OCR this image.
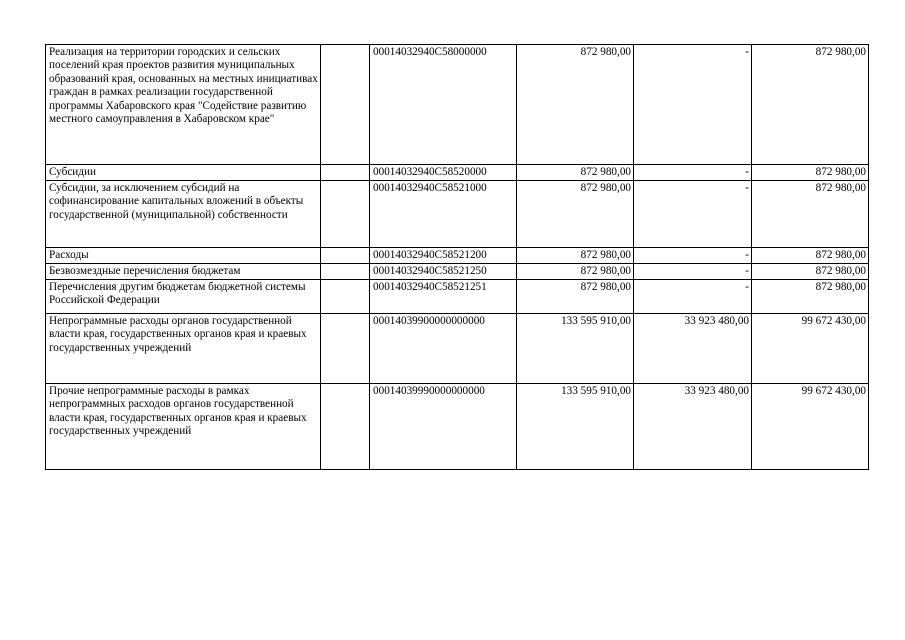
Реализация на территории городских и сельских поселений края проектов развития муниципальных образований края, основанных на местных инициативах граждан в рамках реализации государственной программы Хабаровского края "Содействие развитию местного самоуправления в Хабаровском крае"		00014032940C58000000	872 980,00	-	872 980,00
Субсидии		00014032940C58520000	872 980,00	-	872 980,00
Субсидии, за исключением субсидий на софинансирование капитальных вложений в объекты государственной (муниципальной) собственности		00014032940C58521000	872 980,00	-	872 980,00
Расходы		00014032940C58521200	872 980,00	-	872 980,00
Безвозмездные перечисления бюджетам		00014032940C58521250	872 980,00	-	872 980,00
Перечисления другим бюджетам бюджетной системы Российской Федерации		00014032940C58521251	872 980,00	-	872 980,00
Непрограммные расходы органов государственной власти края, государственных органов края и краевых государственных учреждений		00014039900000000000	133 595 910,00	33 923 480,00	99 672 430,00
Прочие непрограммные расходы в рамках непрограммных расходов органов государственной власти края, государственных органов края и краевых государственных учреждений		00014039990000000000	133 595 910,00	33 923 480,00	99 672 430,00
